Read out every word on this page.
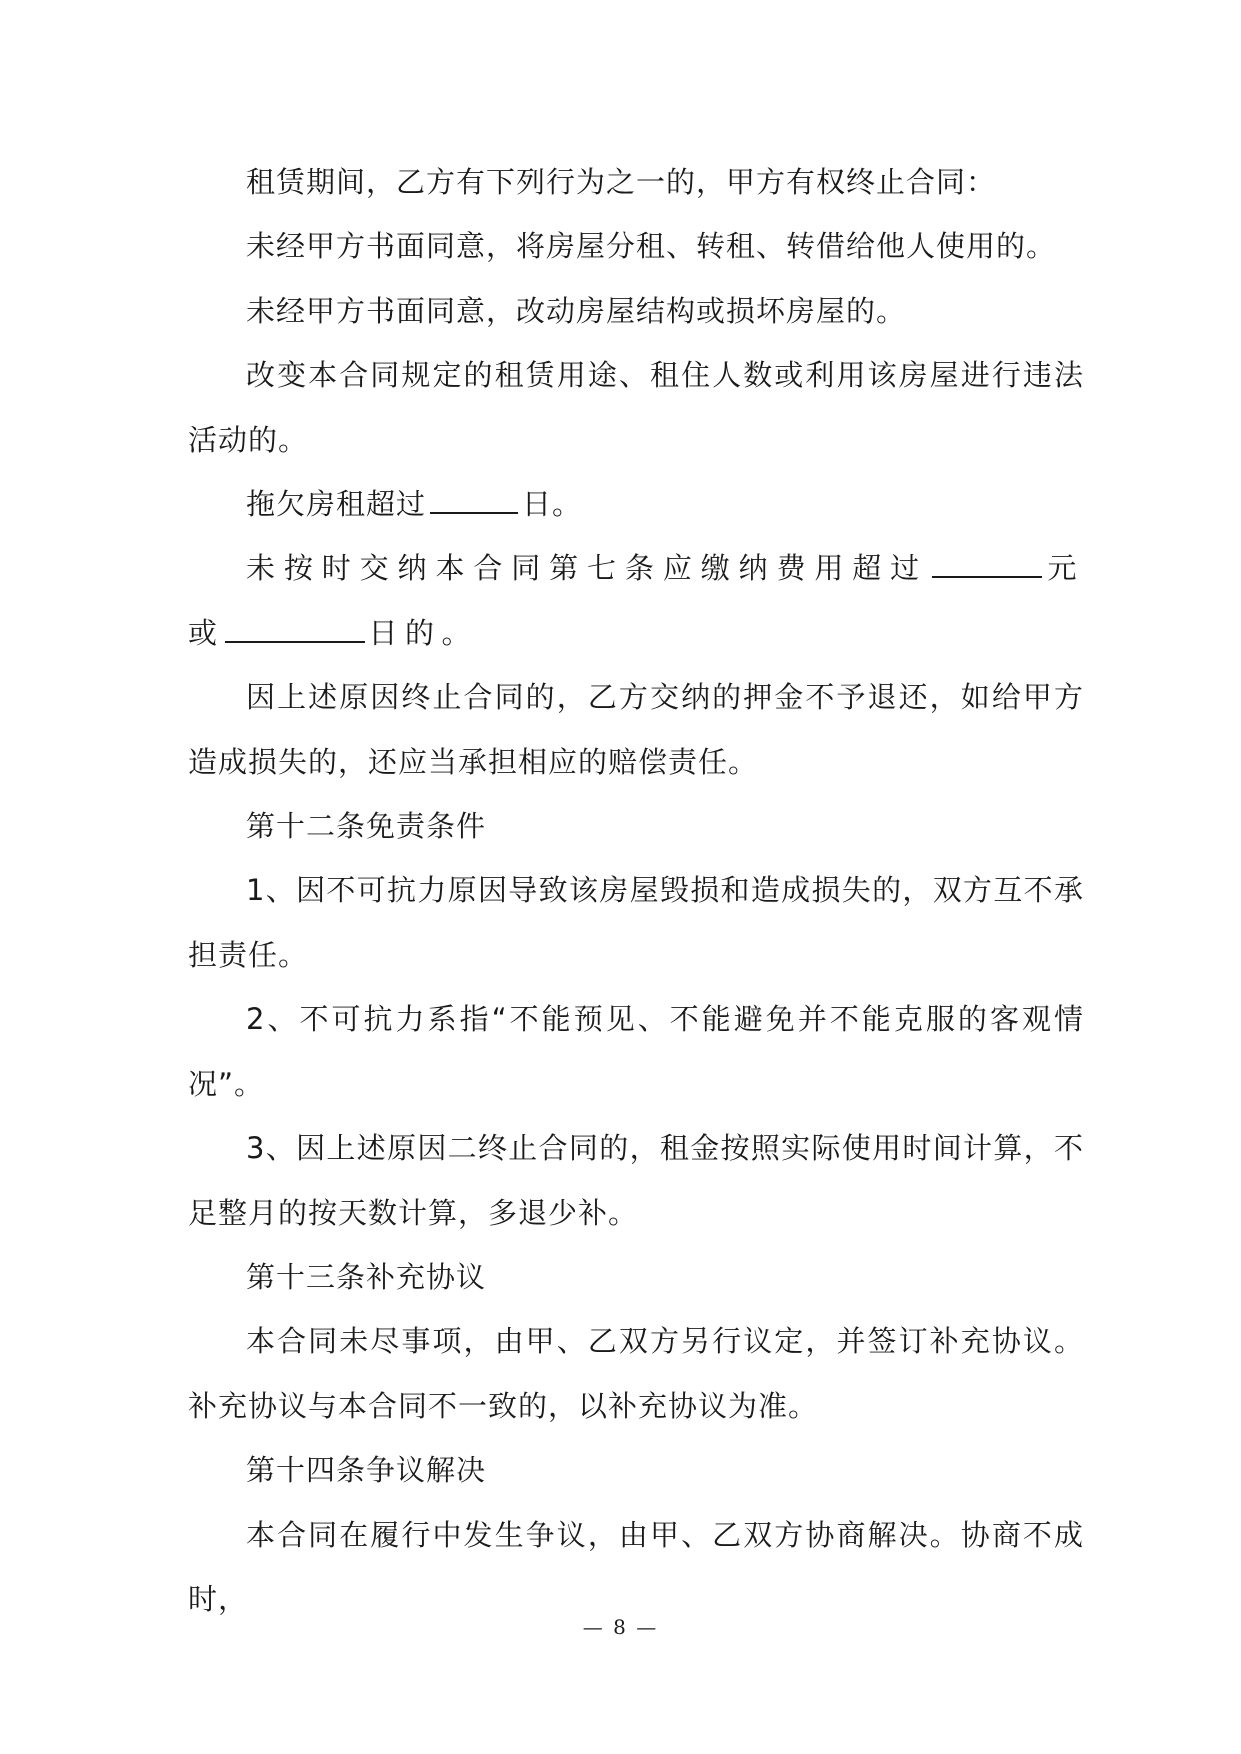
租赁期间，乙方有下列行为之一的，甲方有权终止合同：

未经甲方书面同意，将房屋分租、转租、转借给他人使用的。

未经甲方书面同意，改动房屋结构或损坏房屋的。

改变本合同规定的租赁用途、租住人数或利用该房屋进行违法活动的。

拖欠房租超过	日。

未按时交纳本合同第七条应缴纳费用超过	元或	日的。

因上述原因终止合同的，乙方交纳的押金不予退还，如给甲方造成损失的，还应当承担相应的赔偿责任。

第十二条免责条件

1、因不可抗力原因导致该房屋毁损和造成损失的，双方互不承担责任。

2、不可抗力系指“不能预见、不能避免并不能克服的客观情况”。

3、因上述原因二终止合同的，租金按照实际使用时间计算，不足整月的按天数计算，多退少补。

第十三条补充协议

本合同未尽事项，由甲、乙双方另行议定，并签订补充协议。补充协议与本合同不一致的，以补充协议为准。

第十四条争议解决

本合同在履行中发生争议，由甲、乙双方协商解决。协商不成时，

— 8 —
